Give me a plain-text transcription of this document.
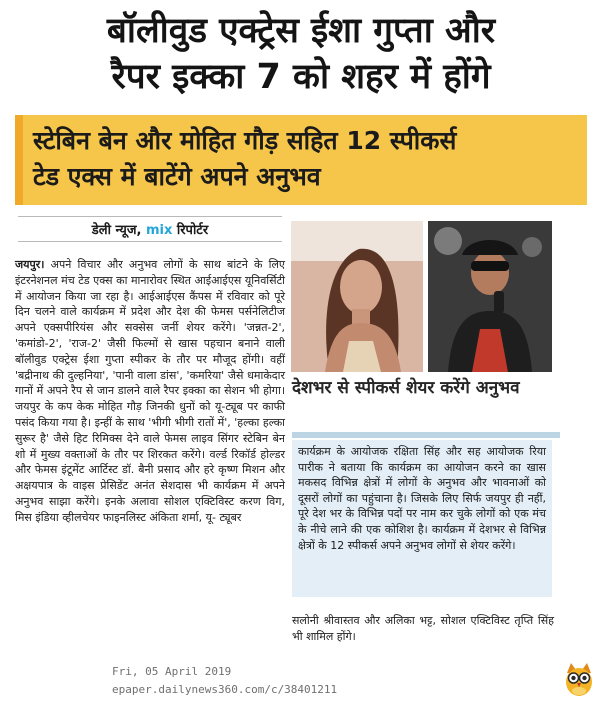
बॉलीवुड एक्ट्रेस ईशा गुप्ता और
रैपर इक्का 7 को शहर में होंगे
स्टेबिन बेन और मोहित गौड़ सहित 12 स्पीकर्स
टेड एक्स में बाटेंगे अपने अनुभव
डेली न्यूज, mix रिपोर्टर
जयपुर। अपने विचार और अनुभव लोगों के साथ बांटने के लिए इंटरनेशनल मंच टेड एक्स का मानारोवर स्थित आईआईएस यूनिवर्सिटी में आयोजन किया जा रहा है। आईआईएस कैंपस में रविवार को पूरे दिन चलने वाले कार्यक्रम में प्रदेश और देश की फेमस पर्सनेलिटीज अपने एक्सपीरियंस और सक्सेस जर्नी शेयर करेंगे। 'जन्नत-2', 'कमांडो-2', 'राज-2' जैसी फिल्मों से खास पहचान बनाने वाली बॉलीवुड एक्ट्रेस ईशा गुप्ता स्पीकर के तौर पर मौजूद होंगी। वहीं 'बद्रीनाथ की दुल्हनिया', 'पानी वाला डांस', 'कमरिया' जैसे धमाकेदार गानों में अपने रैप से जान डालने वाले रैपर इक्का का सेशन भी होगा। जयपुर के कप केक मोहित गौड़ जिनकी धुनों को यू-ट्यूब पर काफी पसंद किया गया है। इन्हीं के साथ 'भीगी भीगी रातों में', 'हल्का हल्का सुरूर है' जैसे हिट रिमिक्स देने वाले फेमस लाइव सिंगर स्टेबिन बेन शो में मुख्य वक्ताओं के तौर पर शिरकत करेंगे। वर्ल्ड रिकॉर्ड होल्डर और फेमस इंटूमेंट आर्टिस्ट डॉ. बैनी प्रसाद और हरे कृष्ण मिशन और अक्षयपात्र के वाइस प्रेसिडेंट अनंत सेशदास भी कार्यक्रम में अपने अनुभव साझा करेंगे। इनके अलावा सोशल एक्टिविस्ट करण विग, मिस इंडिया व्हीलचेयर फाइनलिस्ट अंकिता शर्मा, यू- ट्यूबर
देशभर से स्पीकर्स शेयर करेंगे अनुभव
कार्यक्रम के आयोजक रक्षिता सिंह और सह आयोजक रिया पारीक ने बताया कि कार्यक्रम का आयोजन करने का खास मकसद विभिन्न क्षेत्रों में लोगों के अनुभव और भावनाओं को दूसरों लोगों का पहुंचाना है। जिसके लिए सिर्फ जयपुर ही नहीं, पूरे देश भर के विभिन्न पदों पर नाम कर चुके लोगों को एक मंच के नीचे लाने की एक कोशिश है। कार्यक्रम में देशभर से विभिन्न क्षेत्रों के 12 स्पीकर्स अपने अनुभव लोगों से शेयर करेंगे।
सलोनी श्रीवास्तव और अलिका भट्ट, सोशल एक्टिविस्ट तृप्ति सिंह भी शामिल होंगे।
Fri, 05 April 2019
epaper.dailynews360.com/c/38401211
